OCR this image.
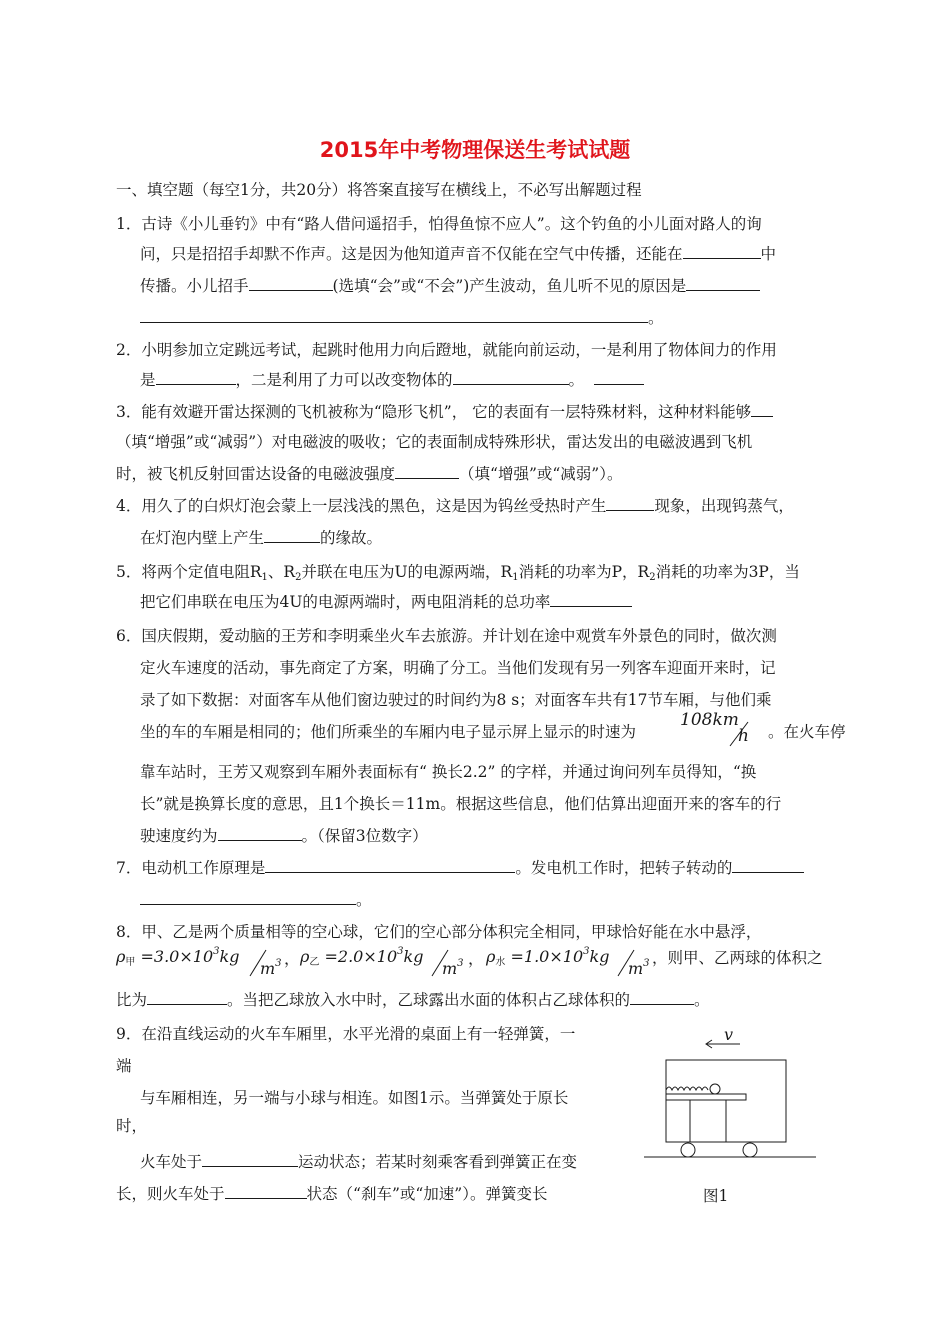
2015年中考物理保送生考试试题
一、填空题（每空1分，共20分）将答案直接写在横线上，不必写出解题过程
1．古诗《小儿垂钓》中有“路人借问遥招手，怕得鱼惊不应人”。这个钓鱼的小儿面对路人的询
问，只是招招手却默不作声。这是因为他知道声音不仅能在空气中传播，还能在	中
传播。小儿招手	(选填“会”或“不会”)产生波动，鱼儿听不见的原因是
。
2．小明参加立定跳远考试，起跳时他用力向后蹬地，就能向前运动，一是利用了物体间力的作用
是	，二是利用了力可以改变物体的	。
3．能有效避开雷达探测的飞机被称为“隐形飞机”， 它的表面有一层特殊材料，这种材料能够
（填“增强”或“减弱”）对电磁波的吸收；它的表面制成特殊形状，雷达发出的电磁波遇到飞机
时，被飞机反射回雷达设备的电磁波强度	（填“增强”或“减弱”）。
4．用久了的白炽灯泡会蒙上一层浅浅的黑色，这是因为钨丝受热时产生	现象，出现钨蒸气，
在灯泡内壁上产生	的缘故。
5．将两个定值电阻$R_1$、$R_2$并联在电压为U的电源两端，$R_1$消耗的功率为P，$R_2$消耗的功率为3P，当
把它们串联在电压为4U的电源两端时，两电阻消耗的总功率
6．国庆假期，爱动脑的王芳和李明乘坐火车去旅游。并计划在途中观赏车外景色的同时，做次测
定火车速度的活动，事先商定了方案，明确了分工。当他们发现有另一列客车迎面开来时，记
录了如下数据：对面客车从他们窗边驶过的时间约为8 s；对面客车共有17节车厢，与他们乘
坐的车的车厢是相同的；他们所乘坐的车厢内电子显示屏上显示的时速为
108km
h 。在火车停
靠车站时，王芳又观察到车厢外表面标有“ 换长2.2” 的字样，并通过询问列车员得知，“换
长”就是换算长度的意思，且1个换长＝11m。根据这些信息，他们估算出迎面开来的客车的行
驶速度约为	。（保留3位数字）
7．电动机工作原理是	。发电机工作时，把转子转动的
。
8．甲、乙是两个质量相等的空心球，它们的空心部分体积完全相同，甲球恰好能在水中悬浮，
$\rho_甲 =3.0\times 10^3kg$
$m^3$ ， $\rho_乙 =2.0\times 10^3kg$
$m^3$ ， $\rho_水 =1.0\times 10^3kg$
$m^3$ ，则甲、乙两球的体积之
比为	。当把乙球放入水中时，乙球露出水面的体积占乙球体积的	。
9．在沿直线运动的火车车厢里，水平光滑的桌面上有一轻弹簧，一
端
与车厢相连，另一端与小球与相连。如图1示。当弹簧处于原长
时，
火车处于	运动状态；若某时刻乘客看到弹簧正在变
长，则火车处于	状态（“刹车”或“加速”）。弹簧变长
v
图1
